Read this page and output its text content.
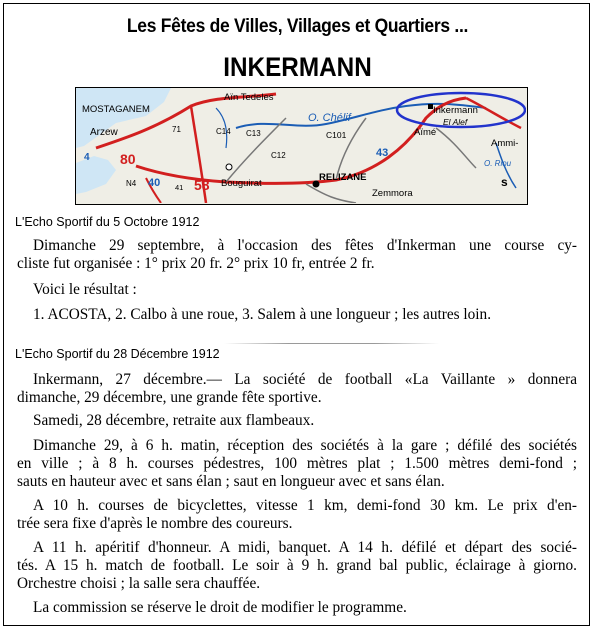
Les Fêtes de Villes, Villages et Quartiers ...
INKERMANN
MOSTAGANEM
Arzew
Aïn Tedeles
O. Chélif
Inkermann
El Alef
Aïmé
Ammi-
RELIZANE
Bouguirat
Zemmora
O. Riou
C101
C12
C13
C14
80
58
43
40
4
N4	41
71
s
L'Echo Sportif du 5 Octobre 1912
Dimanche 29 septembre, à l'occasion des fêtes d'Inkerman une course cy-
cliste fut organisée : 1° prix 20 fr. 2° prix 10 fr, entrée 2 fr.
Voici le résultat :
1. ACOSTA, 2. Calbo à une roue, 3. Salem à une longueur ; les autres loin.
L'Echo Sportif du 28 Décembre 1912
Inkermann, 27 décembre.— La société de football «La Vaillante » donnera
dimanche, 29 décembre, une grande fête sportive.
Samedi, 28 décembre, retraite aux flambeaux.
Dimanche 29, à 6 h. matin, réception des sociétés à la gare ; défilé des sociétés
en ville ; à 8 h. courses pédestres, 100 mètres plat ; 1.500 mètres demi-fond ;
sauts en hauteur avec et sans élan ; saut en longueur avec et sans élan.
A 10 h. courses de bicyclettes, vitesse 1 km, demi-fond 30 km. Le prix d'en-
trée sera fixe d'après le nombre des coureurs.
A 11 h. apéritif d'honneur. A midi, banquet. A 14 h. défilé et départ des socié-
tés. A 15 h. match de football. Le soir à 9 h. grand bal public, éclairage à giorno.
Orchestre choisi ; la salle sera chauffée.
La commission se réserve le droit de modifier le programme.
